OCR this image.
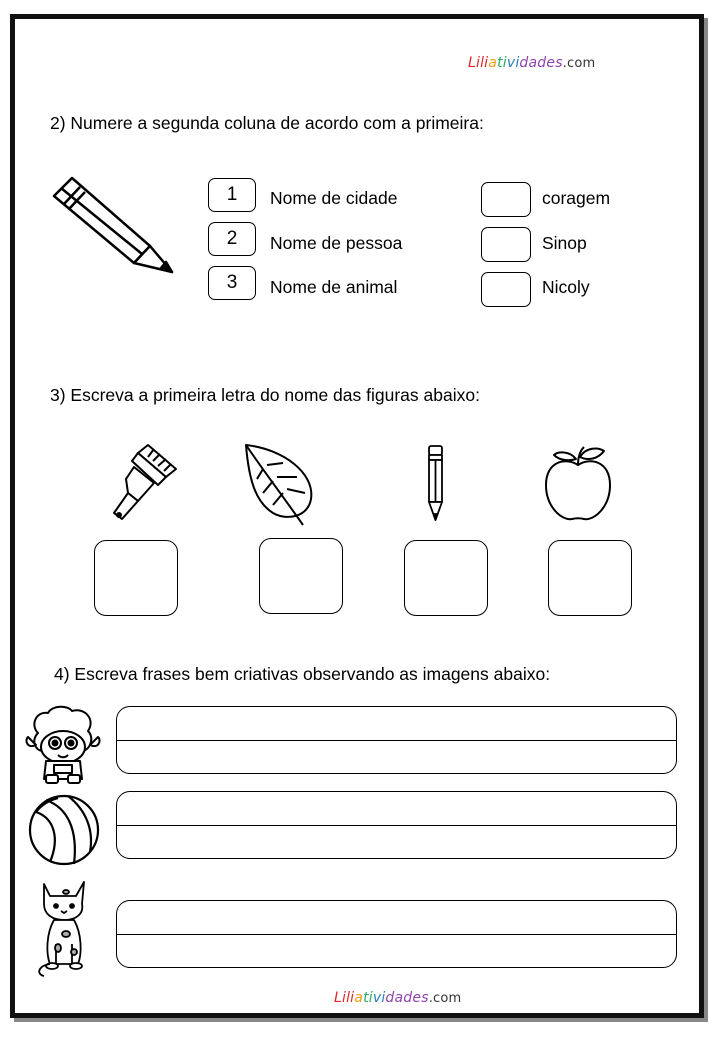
Liliatividades.com
2) Numere a segunda coluna de acordo com a primeira:
1
2
3
Nome de cidade
Nome de pessoa
Nome de animal
coragem
Sinop
Nicoly
3) Escreva a primeira letra do nome das figuras abaixo:
4) Escreva frases bem criativas observando as imagens abaixo:
Liliatividades.com
